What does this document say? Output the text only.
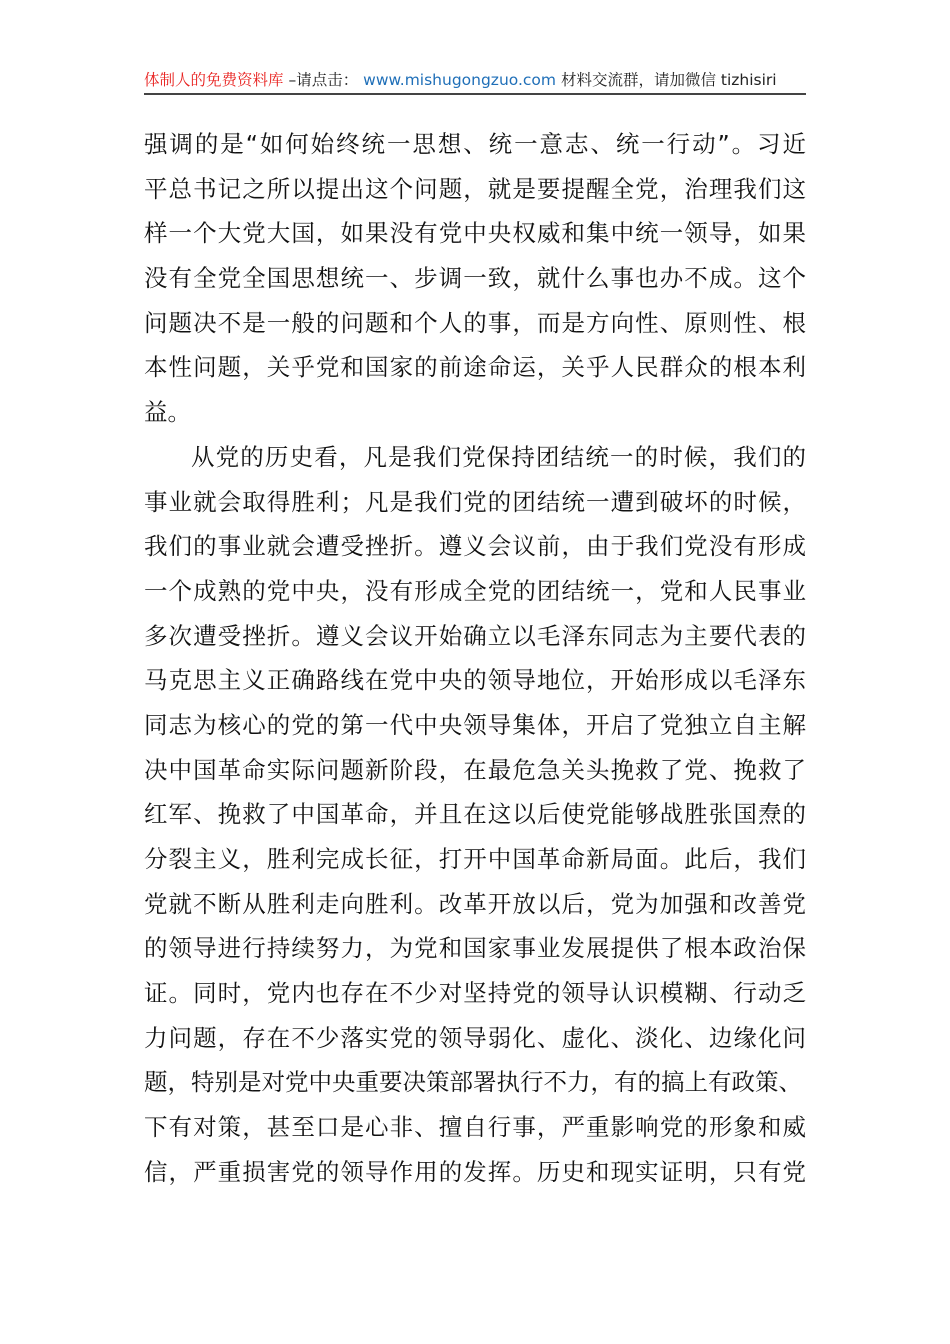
体制人的免费资料库 –请点击： www.mishugongzuo.com 材料交流群，请加微信 tizhisiri
强调的是“如何始终统一思想、统一意志、统一行动”。习近
平总书记之所以提出这个问题，就是要提醒全党，治理我们这
样一个大党大国，如果没有党中央权威和集中统一领导，如果
没有全党全国思想统一、步调一致，就什么事也办不成。这个
问题决不是一般的问题和个人的事，而是方向性、原则性、根
本性问题，关乎党和国家的前途命运，关乎人民群众的根本利
益。
从党的历史看，凡是我们党保持团结统一的时候，我们的
事业就会取得胜利；凡是我们党的团结统一遭到破坏的时候，
我们的事业就会遭受挫折。遵义会议前，由于我们党没有形成
一个成熟的党中央，没有形成全党的团结统一，党和人民事业
多次遭受挫折。遵义会议开始确立以毛泽东同志为主要代表的
马克思主义正确路线在党中央的领导地位，开始形成以毛泽东
同志为核心的党的第一代中央领导集体，开启了党独立自主解
决中国革命实际问题新阶段，在最危急关头挽救了党、挽救了
红军、挽救了中国革命，并且在这以后使党能够战胜张国焘的
分裂主义，胜利完成长征，打开中国革命新局面。此后，我们
党就不断从胜利走向胜利。改革开放以后，党为加强和改善党
的领导进行持续努力，为党和国家事业发展提供了根本政治保
证。同时，党内也存在不少对坚持党的领导认识模糊、行动乏
力问题，存在不少落实党的领导弱化、虚化、淡化、边缘化问
题，特别是对党中央重要决策部署执行不力，有的搞上有政策、
下有对策，甚至口是心非、擅自行事，严重影响党的形象和威
信，严重损害党的领导作用的发挥。历史和现实证明，只有党
